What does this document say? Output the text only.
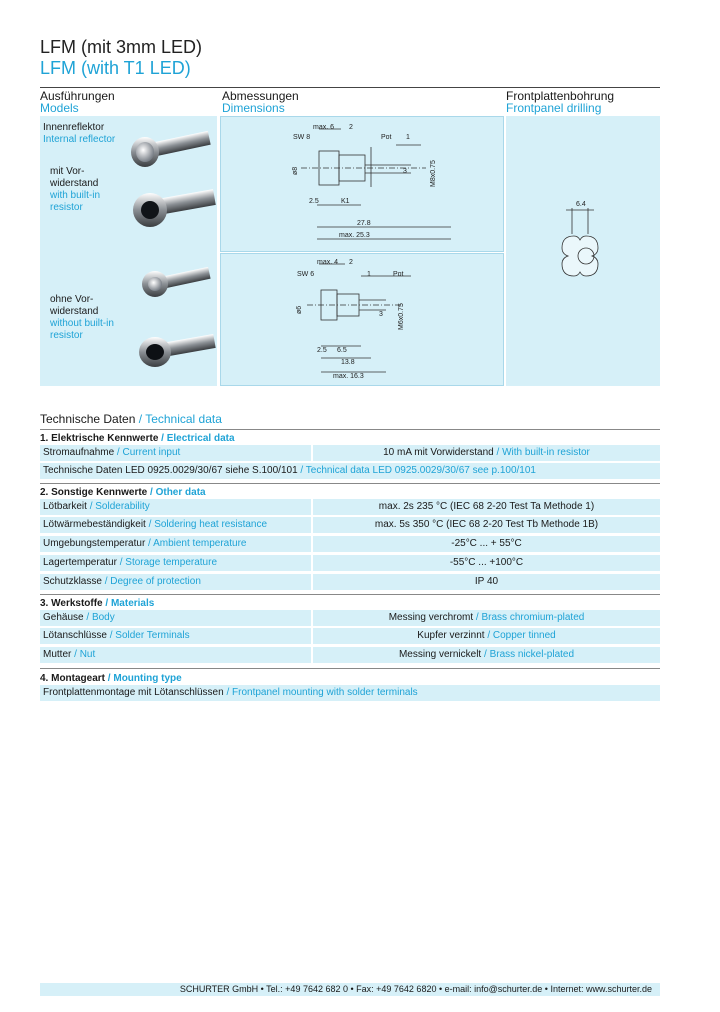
LFM (mit 3mm LED)
LFM (with T1 LED)
Ausführungen
Models
Abmessungen
Dimensions
Frontplattenbohrung
Frontpanel drilling
Innenreflektor
Internal reflector
mit Vor-
widerstand
with built-in
resistor
ohne Vor-
widerstand
without built-in
resistor
max. 6 2
SW 8	Pot 1
ø8	M8x0.75
3
2.5	K1
27.8
max. 25.3
max. 4 2
SW 6	1	Pot
ø6	M6x0.75
3
2.5 6.5
13.8
max. 16.3
6.4
Technische Daten / Technical data
1. Elektrische Kennwerte / Electrical data
Stromaufnahme / Current input	10 mA mit Vorwiderstand / With built-in resistor
Technische Daten LED 0925.0029/30/67 siehe S.100/101 / Technical data LED 0925.0029/30/67 see p.100/101
2. Sonstige Kennwerte / Other data
Lötbarkeit / Solderability	max. 2s 235 °C (IEC 68 2-20 Test Ta Methode 1)
Lötwärmebeständigkeit / Soldering heat resistance	max. 5s 350 °C (IEC 68 2-20 Test Tb Methode 1B)
Umgebungstemperatur / Ambient temperature	-25°C ... + 55°C
Lagertemperatur / Storage temperature	-55°C ... +100°C
Schutzklasse / Degree of protection	IP 40
3. Werkstoffe / Materials
Gehäuse / Body	Messing verchromt / Brass chromium-plated
Lötanschlüsse / Solder Terminals	Kupfer verzinnt / Copper tinned
Mutter / Nut	Messing vernickelt / Brass nickel-plated
4. Montageart / Mounting type
Frontplattenmontage mit Lötanschlüssen / Frontpanel mounting with solder terminals
SCHURTER GmbH • Tel.: +49 7642 682 0 • Fax: +49 7642 6820 • e-mail: info@schurter.de • Internet: www.schurter.de
